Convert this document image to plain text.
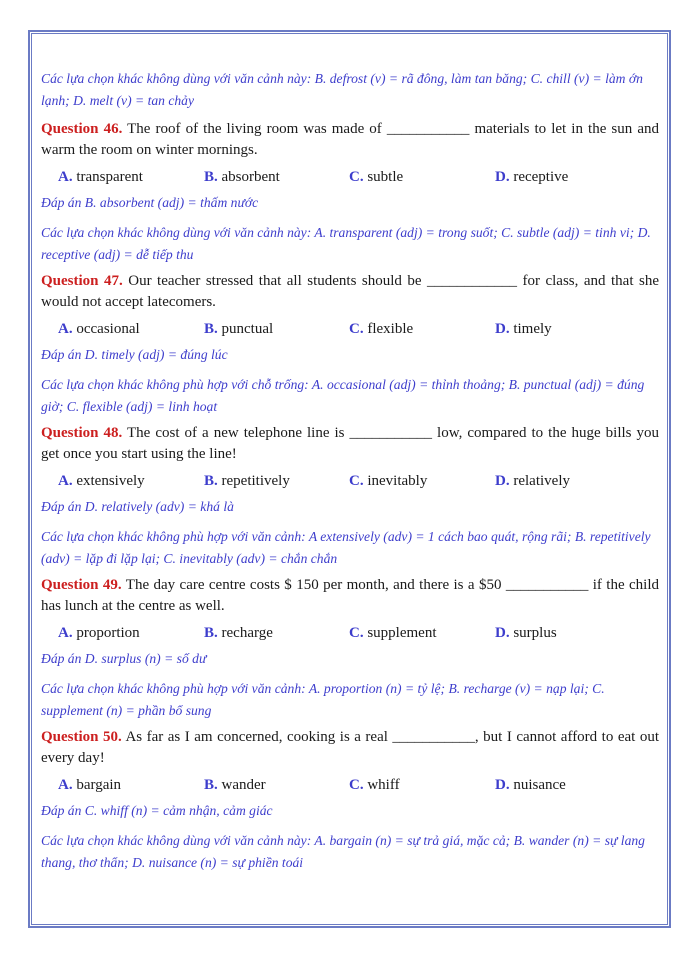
Các lựa chọn khác không dùng với văn cảnh này: B. defrost (v) = rã đông, làm tan băng; C. chill (v) = làm ớn lạnh; D. melt (v) = tan chảy

Question 46. The roof of the living room was made of ___________ materials to let in the sun and warm the room on winter mornings.

A. transparent	B. absorbent	C. subtle	D. receptive

Đáp án B. absorbent (adj) = thấm nước

Các lựa chọn khác không dùng với văn cảnh này: A. transparent (adj) = trong suốt; C. subtle (adj) = tinh vi; D. receptive (adj) = dễ tiếp thu

Question 47. Our teacher stressed that all students should be ____________ for class, and that she would not accept latecomers.

A. occasional	B. punctual	C. flexible	D. timely

Đáp án D. timely (adj) = đúng lúc

Các lựa chọn khác không phù hợp với chỗ trống: A. occasional (adj) = thỉnh thoảng; B. punctual (adj) = đúng giờ; C. flexible (adj) = linh hoạt

Question 48. The cost of a new telephone line is ___________ low, compared to the huge bills you get once you start using the line!

A. extensively	B. repetitively	C. inevitably	D. relatively

Đáp án D. relatively (adv) = khá là

Các lựa chọn khác không phù hợp với văn cảnh: A extensively (adv) = 1 cách bao quát, rộng rãi; B. repetitively (adv) = lặp đi lặp lại; C. inevitably (adv) = chắn chắn

Question 49. The day care centre costs $ 150 per month, and there is a $50 ___________ if the child has lunch at the centre as well.

A. proportion	B. recharge	C. supplement	D. surplus

Đáp án D. surplus (n) = số dư

Các lựa chọn khác không phù hợp với văn cảnh: A. proportion (n) = tỷ lệ; B. recharge (v) = nạp lại; C. supplement (n) = phần bổ sung

Question 50. As far as I am concerned, cooking is a real ___________, but I cannot afford to eat out every day!

A. bargain	B. wander	C. whiff	D. nuisance

Đáp án C. whiff (n) = cảm nhận, cảm giác

Các lựa chọn khác không dùng với văn cảnh này: A. bargain (n) = sự trả giá, mặc cả; B. wander (n) = sự lang thang, thơ thẩn; D. nuisance (n) = sự phiền toái
